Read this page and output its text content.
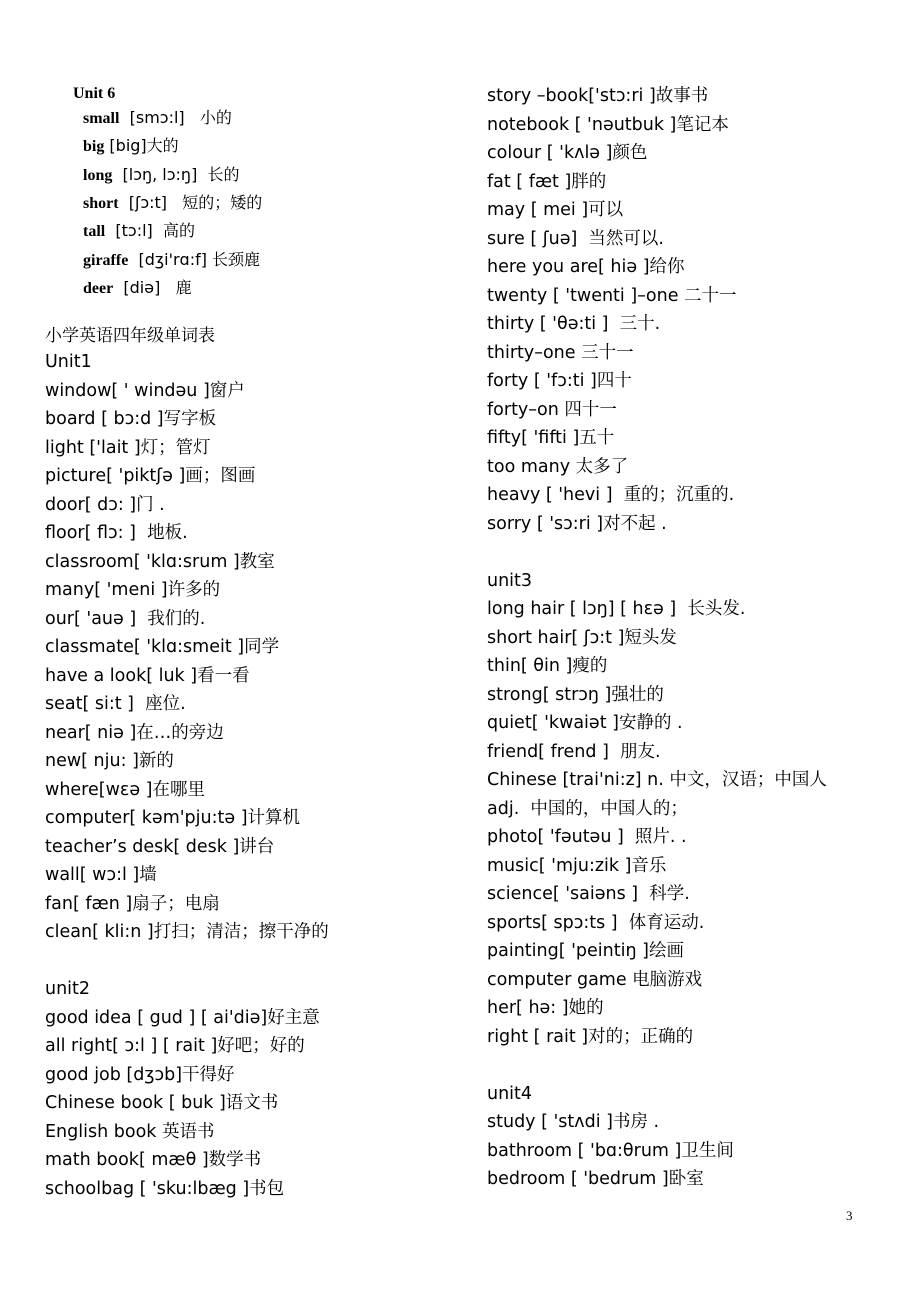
Unit 6
small  [smɔ:l]   小的
big [big]大的
long  [lɔŋ, lɔ:ŋ]  长的
short  [ʃɔ:t]   短的；矮的
tall  [tɔ:l]  高的
giraffe  [dʒi'rɑ:f] 长颈鹿
deer  [diə]   鹿
小学英语四年级单词表
Unit1
window[ ' windəu ]窗户
board [ bɔ:d ]写字板
light ['lait ]灯；管灯
picture[ 'piktʃə ]画；图画
door[ dɔ: ]门 .
floor[ flɔ: ]  地板.
classroom[ 'klɑ:srum ]教室
many[ 'meni ]许多的
our[ 'auə ]  我们的.
classmate[ 'klɑ:smeit ]同学
have a look[ luk ]看一看
seat[ si:t ]  座位.
near[ niə ]在…的旁边
new[ nju: ]新的
where[wɛə ]在哪里
computer[ kəm'pju:tə ]计算机
teacher’s desk[ desk ]讲台
wall[ wɔ:l ]墙
fan[ fæn ]扇子；电扇
clean[ kli:n ]打扫；清洁；擦干净的
unit2
good idea [ gud ] [ ai'diə]好主意
all right[ ɔ:l ] [ rait ]好吧；好的
good job [dʒɔb]干得好
Chinese book [ buk ]语文书
English book 英语书
math book[ mæθ ]数学书
schoolbag [ 'sku:lbæg ]书包
story –book['stɔ:ri ]故事书
notebook [ 'nəutbuk ]笔记本
colour [ 'kʌlə ]颜色
fat [ fæt ]胖的
may [ mei ]可以
sure [ ʃuə]  当然可以.
here you are[ hiə ]给你
twenty [ 'twenti ]–one 二十一
thirty [ 'θə:ti ]  三十.
thirty–one 三十一
forty [ 'fɔ:ti ]四十
forty–on 四十一
fifty[ 'fifti ]五十
too many 太多了
heavy [ 'hevi ]  重的；沉重的.
sorry [ 'sɔ:ri ]对不起 .
unit3
long hair [ lɔŋ] [ hɛə ]  长头发.
short hair[ ʃɔ:t ]短头发
thin[ θin ]瘦的
strong[ strɔŋ ]强壮的
quiet[ 'kwaiət ]安静的 .
friend[ frend ]  朋友.
Chinese [trai'ni:z] n. 中文，汉语；中国人
adj.  中国的，中国人的；
photo[ 'fəutəu ]  照片. .
music[ 'mju:zik ]音乐
science[ 'saiəns ]  科学.
sports[ spɔ:ts ]  体育运动.
painting[ 'peintiŋ ]绘画
computer game 电脑游戏
her[ hə: ]她的
right [ rait ]对的；正确的
unit4
study [ 'stʌdi ]书房 .
bathroom [ 'bɑ:θrum ]卫生间
bedroom [ 'bedrum ]卧室
3
